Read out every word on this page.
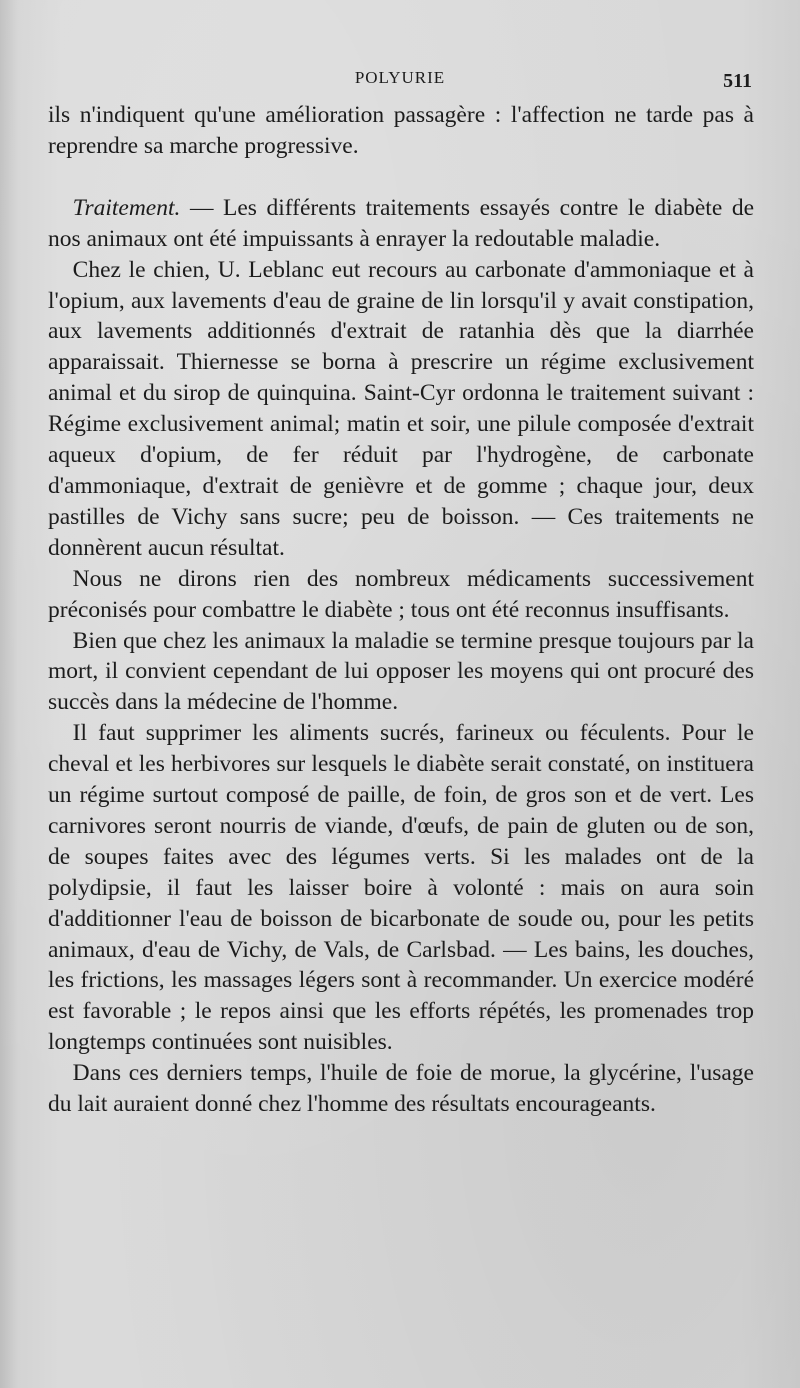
POLYURIE	511

ils n'indiquent qu'une amélioration passagère : l'affection ne tarde pas à reprendre sa marche progressive.

Traitement. — Les différents traitements essayés contre le diabète de nos animaux ont été impuissants à enrayer la redoutable maladie.

Chez le chien, U. Leblanc eut recours au carbonate d'ammoniaque et à l'opium, aux lavements d'eau de graine de lin lorsqu'il y avait constipation, aux lavements additionnés d'extrait de ratanhia dès que la diarrhée apparaissait. Thiernesse se borna à prescrire un régime exclusivement animal et du sirop de quinquina. Saint-Cyr ordonna le traitement suivant : Régime exclusivement animal; matin et soir, une pilule composée d'extrait aqueux d'opium, de fer réduit par l'hydrogène, de carbonate d'ammoniaque, d'extrait de genièvre et de gomme ; chaque jour, deux pastilles de Vichy sans sucre; peu de boisson. — Ces traitements ne donnèrent aucun résultat.

Nous ne dirons rien des nombreux médicaments successivement préconisés pour combattre le diabète ; tous ont été reconnus insuffisants.

Bien que chez les animaux la maladie se termine presque toujours par la mort, il convient cependant de lui opposer les moyens qui ont procuré des succès dans la médecine de l'homme.

Il faut supprimer les aliments sucrés, farineux ou féculents. Pour le cheval et les herbivores sur lesquels le diabète serait constaté, on instituera un régime surtout composé de paille, de foin, de gros son et de vert. Les carnivores seront nourris de viande, d'œufs, de pain de gluten ou de son, de soupes faites avec des légumes verts. Si les malades ont de la polydipsie, il faut les laisser boire à volonté : mais on aura soin d'additionner l'eau de boisson de bicarbonate de soude ou, pour les petits animaux, d'eau de Vichy, de Vals, de Carlsbad. — Les bains, les douches, les frictions, les massages légers sont à recommander. Un exercice modéré est favorable ; le repos ainsi que les efforts répétés, les promenades trop longtemps continuées sont nuisibles.

Dans ces derniers temps, l'huile de foie de morue, la glycérine, l'usage du lait auraient donné chez l'homme des résultats encourageants.
